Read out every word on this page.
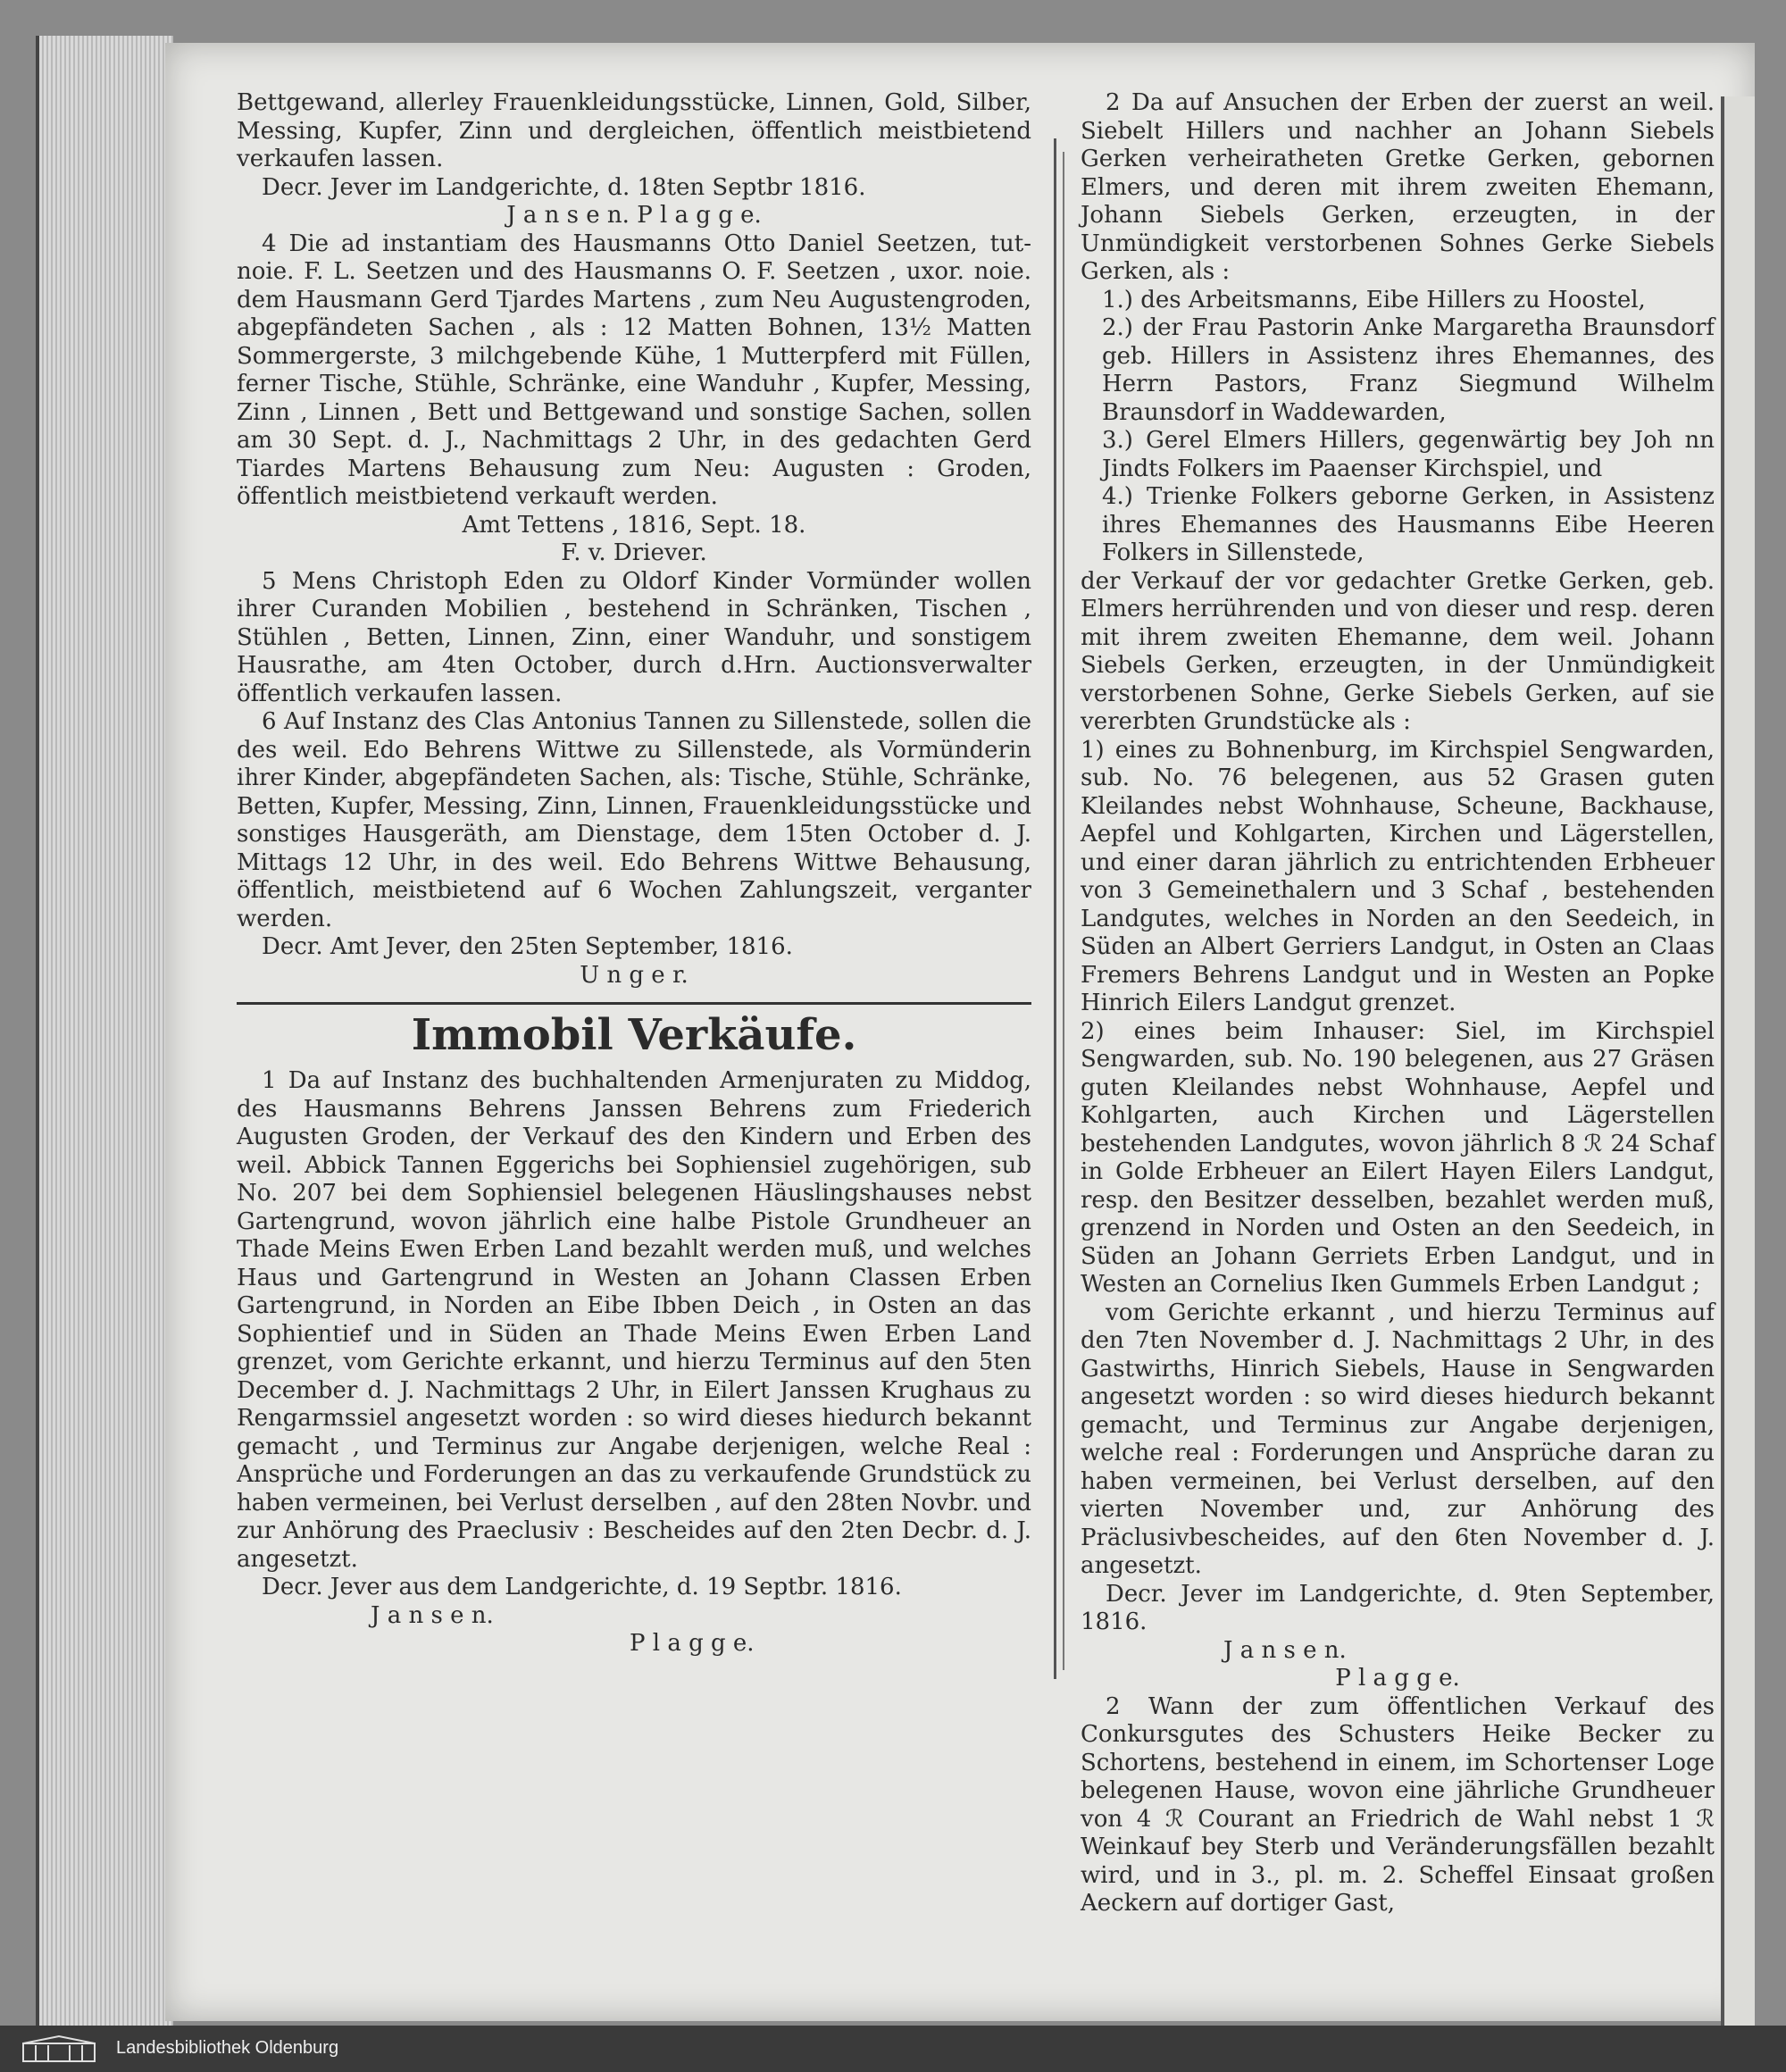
Bettgewand, allerley Frauenkleidungsstücke, Linnen, Gold, Silber, Messing, Kupfer, Zinn und dergleichen, öffentlich meistbietend verkaufen lassen.

Decr. Jever im Landgerichte, d. 18ten Septbr 1816.

J a n s e n. P l a g g e.

4 Die ad instantiam des Hausmanns Otto Daniel Seetzen, tut- noie. F. L. Seetzen und des Hausmanns O. F. Seetzen , uxor. noie. dem Hausmann Gerd Tjardes Martens , zum Neu Augustengroden, abgepfändeten Sachen , als : 12 Matten Bohnen, 13½ Matten Sommergerste, 3 milchgebende Kühe, 1 Mutterpferd mit Füllen, ferner Tische, Stühle, Schränke, eine Wanduhr , Kupfer, Messing, Zinn , Linnen , Bett und Bettgewand und sonstige Sachen, sollen am 30 Sept. d. J., Nachmittags 2 Uhr, in des gedachten Gerd Tiardes Martens Behausung zum Neu: Augusten : Groden, öffentlich meistbietend verkauft werden.

Amt Tettens , 1816, Sept. 18.

F. v. Driever.

5 Mens Christoph Eden zu Oldorf Kinder Vormünder wollen ihrer Curanden Mobilien , bestehend in Schränken, Tischen , Stühlen , Betten, Linnen, Zinn, einer Wanduhr, und sonstigem Hausrathe, am 4ten October, durch d.Hrn. Auctionsverwalter öffentlich verkaufen lassen.

6 Auf Instanz des Clas Antonius Tannen zu Sillenstede, sollen die des weil. Edo Behrens Wittwe zu Sillenstede, als Vormünderin ihrer Kinder, abgepfändeten Sachen, als: Tische, Stühle, Schränke, Betten, Kupfer, Messing, Zinn, Linnen, Frauenkleidungsstücke und sonstiges Hausgeräth, am Dienstage, dem 15ten October d. J. Mittags 12 Uhr, in des weil. Edo Behrens Wittwe Behausung, öffentlich, meistbietend auf 6 Wochen Zahlungszeit, verganter werden.

Decr. Amt Jever, den 25ten September, 1816.

U n g e r.

Immobil Verkäufe.

1 Da auf Instanz des buchhaltenden Armenjuraten zu Middog, des Hausmanns Behrens Janssen Behrens zum Friederich Augusten Groden, der Verkauf des den Kindern und Erben des weil. Abbick Tannen Eggerichs bei Sophiensiel zugehörigen, sub No. 207 bei dem Sophiensiel belegenen Häuslingshauses nebst Gartengrund, wovon jährlich eine halbe Pistole Grundheuer an Thade Meins Ewen Erben Land bezahlt werden muß, und welches Haus und Gartengrund in Westen an Johann Classen Erben Gartengrund, in Norden an Eibe Ibben Deich , in Osten an das Sophientief und in Süden an Thade Meins Ewen Erben Land grenzet, vom Gerichte erkannt, und hierzu Terminus auf den 5ten December d. J. Nachmittags 2 Uhr, in Eilert Janssen Krughaus zu Rengarmssiel angesetzt worden : so wird dieses hiedurch bekannt gemacht , und Terminus zur Angabe derjenigen, welche Real : Ansprüche und Forderungen an das zu verkaufende Grundstück zu haben vermeinen, bei Verlust derselben , auf den 28ten Novbr. und zur Anhörung des Praeclusiv : Bescheides auf den 2ten Decbr. d. J. angesetzt.

Decr. Jever aus dem Landgerichte, d. 19 Septbr. 1816.

J a n s e n.

P l a g g e.

2 Da auf Ansuchen der Erben der zuerst an weil. Siebelt Hillers und nachher an Johann Siebels Gerken verheiratheten Gretke Gerken, gebornen Elmers, und deren mit ihrem zweiten Ehemann, Johann Siebels Gerken, erzeugten, in der Unmündigkeit verstorbenen Sohnes Gerke Siebels Gerken, als :

1.) des Arbeitsmanns, Eibe Hillers zu Hoostel,

2.) der Frau Pastorin Anke Margaretha Braunsdorf geb. Hillers in Assistenz ihres Ehemannes, des Herrn Pastors, Franz Siegmund Wilhelm Braunsdorf in Waddewarden,

3.) Gerel Elmers Hillers, gegenwärtig bey Joh nn Jindts Folkers im Paaenser Kirchspiel, und

4.) Trienke Folkers geborne Gerken, in Assistenz ihres Ehemannes des Hausmanns Eibe Heeren Folkers in Sillenstede,

der Verkauf der vor gedachter Gretke Gerken, geb. Elmers herrührenden und von dieser und resp. deren mit ihrem zweiten Ehemanne, dem weil. Johann Siebels Gerken, erzeugten, in der Unmündigkeit verstorbenen Sohne, Gerke Siebels Gerken, auf sie vererbten Grundstücke als :

1) eines zu Bohnenburg, im Kirchspiel Sengwarden, sub. No. 76 belegenen, aus 52 Grasen guten Kleilandes nebst Wohnhause, Scheune, Backhause, Aepfel und Kohlgarten, Kirchen und Lägerstellen, und einer daran jährlich zu entrichtenden Erbheuer von 3 Gemeinethalern und 3 Schaf , bestehenden Landgutes, welches in Norden an den Seedeich, in Süden an Albert Gerriers Landgut, in Osten an Claas Fremers Behrens Landgut und in Westen an Popke Hinrich Eilers Landgut grenzet.

2) eines beim Inhauser: Siel, im Kirchspiel Sengwarden, sub. No. 190 belegenen, aus 27 Gräsen guten Kleilandes nebst Wohnhause, Aepfel und Kohlgarten, auch Kirchen und Lägerstellen bestehenden Landgutes, wovon jährlich 8 ℛ 24 Schaf in Golde Erbheuer an Eilert Hayen Eilers Landgut, resp. den Besitzer desselben, bezahlet werden muß, grenzend in Norden und Osten an den Seedeich, in Süden an Johann Gerriets Erben Landgut, und in Westen an Cornelius Iken Gummels Erben Landgut ;

vom Gerichte erkannt , und hierzu Terminus auf den 7ten November d. J. Nachmittags 2 Uhr, in des Gastwirths, Hinrich Siebels, Hause in Sengwarden angesetzt worden : so wird dieses hiedurch bekannt gemacht, und Terminus zur Angabe derjenigen, welche real : Forderungen und Ansprüche daran zu haben vermeinen, bei Verlust derselben, auf den vierten November und, zur Anhörung des Präclusivbescheides, auf den 6ten November d. J. angesetzt.

Decr. Jever im Landgerichte, d. 9ten September, 1816.

J a n s e n.

P l a g g e.

2 Wann der zum öffentlichen Verkauf des Conkursgutes des Schusters Heike Becker zu Schortens, bestehend in einem, im Schortenser Loge belegenen Hause, wovon eine jährliche Grundheuer von 4 ℛ Courant an Friedrich de Wahl nebst 1 ℛ Weinkauf bey Sterb und Veränderungsfällen bezahlt wird, und in 3., pl. m. 2. Scheffel Einsaat großen Aeckern auf dortiger Gast,

Landesbibliothek Oldenburg
